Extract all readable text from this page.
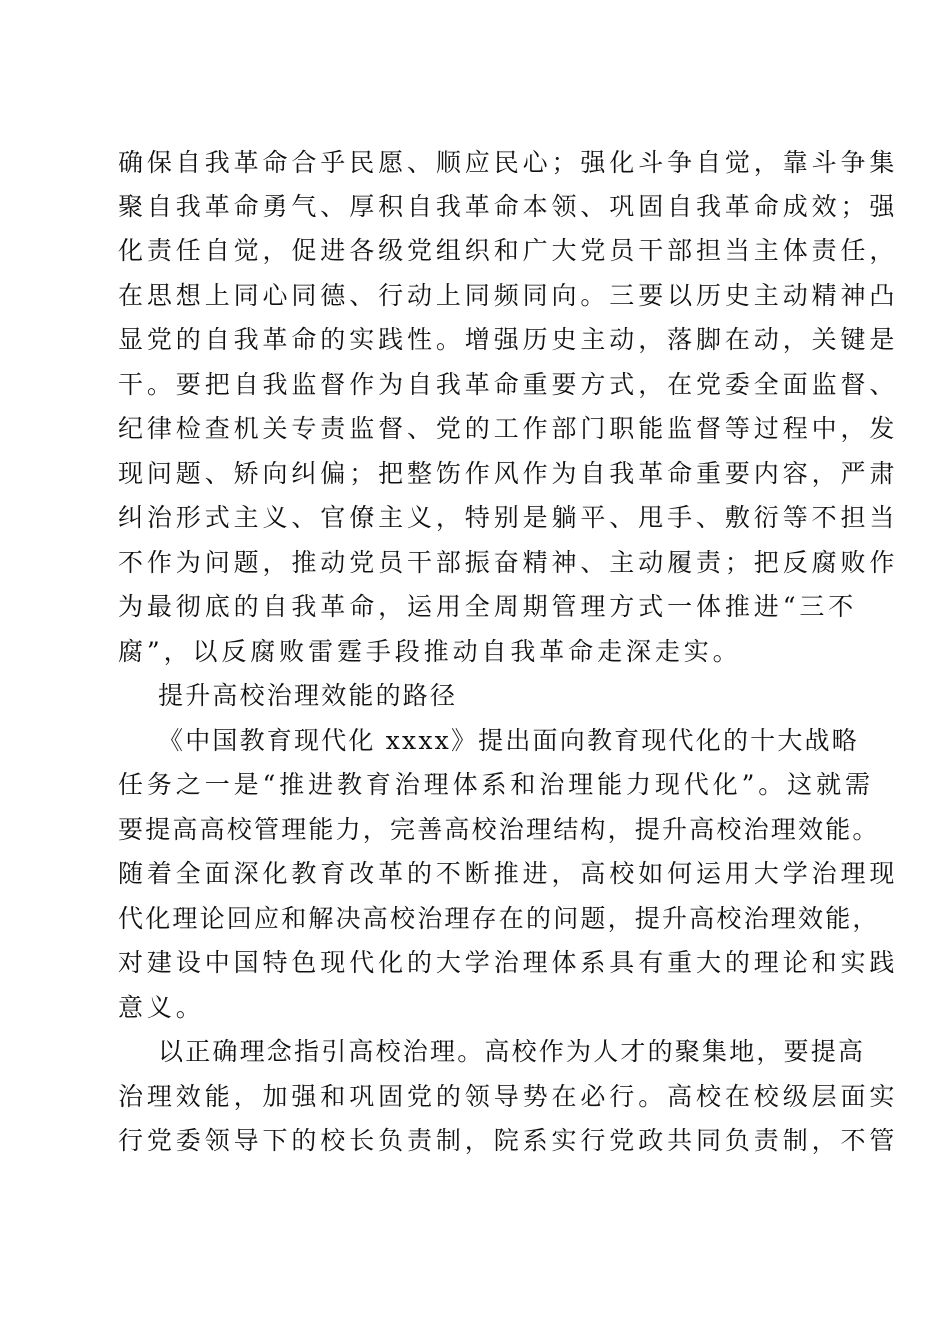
确保自我革命合乎民愿、顺应民心；强化斗争自觉，靠斗争集
聚自我革命勇气、厚积自我革命本领、巩固自我革命成效；强
化责任自觉，促进各级党组织和广大党员干部担当主体责任，
在思想上同心同德、行动上同频同向。三要以历史主动精神凸
显党的自我革命的实践性。增强历史主动，落脚在动，关键是
干。要把自我监督作为自我革命重要方式，在党委全面监督、
纪律检查机关专责监督、党的工作部门职能监督等过程中，发
现问题、矫向纠偏；把整饬作风作为自我革命重要内容，严肃
纠治形式主义、官僚主义，特别是躺平、甩手、敷衍等不担当
不作为问题，推动党员干部振奋精神、主动履责；把反腐败作
为最彻底的自我革命，运用全周期管理方式一体推进“三不
腐”，以反腐败雷霆手段推动自我革命走深走实。
提升高校治理效能的路径
《中国教育现代化 xxxx》提出面向教育现代化的十大战略
任务之一是“推进教育治理体系和治理能力现代化”。这就需
要提高高校管理能力，完善高校治理结构，提升高校治理效能。
随着全面深化教育改革的不断推进，高校如何运用大学治理现
代化理论回应和解决高校治理存在的问题，提升高校治理效能，
对建设中国特色现代化的大学治理体系具有重大的理论和实践
意义。
以正确理念指引高校治理。高校作为人才的聚集地，要提高
治理效能，加强和巩固党的领导势在必行。高校在校级层面实
行党委领导下的校长负责制，院系实行党政共同负责制，不管
